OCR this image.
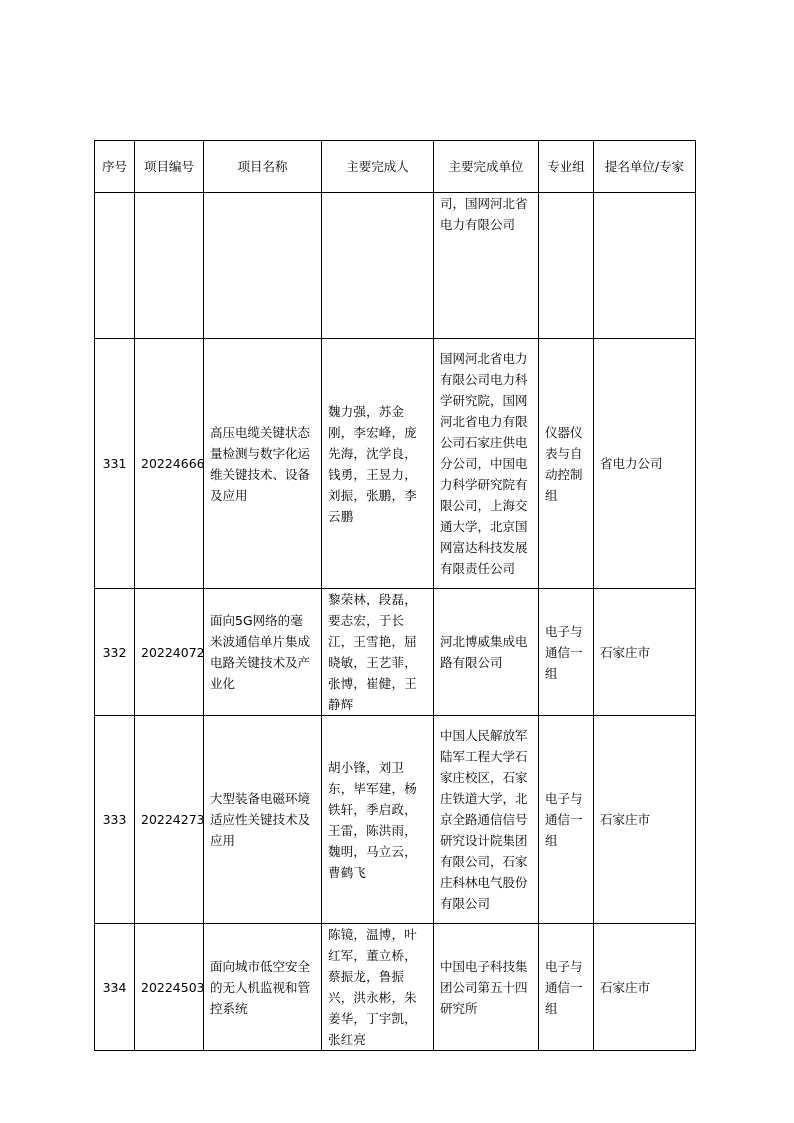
序号	项目编号	项目名称	主要完成人	主要完成单位	专业组	提名单位/专家

				司，国网河北省电力有限公司		

331	20224666	高压电缆关键状态量检测与数字化运维关键技术、设备及应用	魏力强，苏金刚，李宏峰，庞先海，沈学良，钱勇，王昱力，刘振，张鹏，李云鹏	国网河北省电力有限公司电力科学研究院，国网河北省电力有限公司石家庄供电分公司，中国电力科学研究院有限公司，上海交通大学，北京国网富达科技发展有限责任公司	仪器仪表与自动控制组	省电力公司
332	20224072	面向5G网络的毫米波通信单片集成电路关键技术及产业化	黎荣林，段磊，要志宏，于长江，王雪艳，屈晓敏，王艺菲，张博，崔健，王静辉	河北博威集成电路有限公司	电子与通信一组	石家庄市
333	20224273	大型装备电磁环境适应性关键技术及应用	胡小锋，刘卫东，毕军建，杨铁轩，季启政，王雷，陈洪雨，魏明，马立云，曹鹤飞	中国人民解放军陆军工程大学石家庄校区，石家庄铁道大学，北京全路通信信号研究设计院集团有限公司，石家庄科林电气股份有限公司	电子与通信一组	石家庄市
334	20224503	面向城市低空安全的无人机监视和管控系统	陈镜，温博，叶红军，董立桥，蔡振龙，鲁振兴，洪永彬，朱姜华，丁宇凯，张红亮	中国电子科技集团公司第五十四研究所	电子与通信一组	石家庄市
